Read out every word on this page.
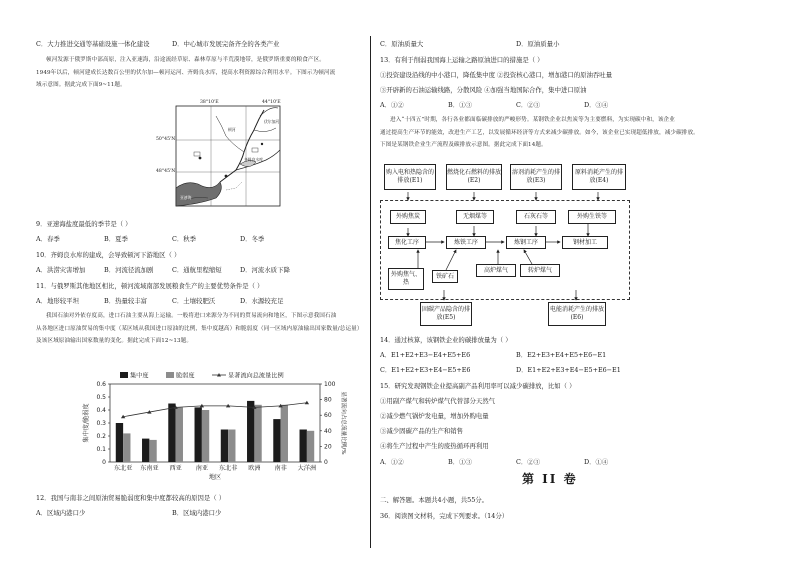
C．大力推进交通等基础设施一体化建设	D．中心城市发展完备齐全的各类产业
顿河发源于俄罗斯中部高原，注入亚速海，沿途流经草原、森林草原与半荒漠地带，是俄罗斯重要的粮食产区。
1949年以后，顿河建成长达数百公里的伏尔加—顿河运河、齐姆良水库，提高水利资源综合利用水平。下图示为顿河流
域示意图。据此完成下面9~11题。
38°10'E	44°10'E
50°45'N
48°45'N
齐姆良水库
亚速海
顿河
伏尔加河
9．亚速海盐度最低的季节是（ ）
A．春季	B．夏季	C．秋季	D．冬季
10．齐姆良水库的建成，会导致顿河下游地区（ ）
A．洪涝灾害增加	B．河流径流加剧	C．通航里程缩短	D．河流水质下降
11．与俄罗斯其他地区相比，顿河流域南部发展粮食生产的主要优势条件是（ ）
A．地形较平坦	B．热量较丰富	C．土壤较肥沃	D．水源较充足
我国石油对外依存度高，进口石油主要从海上运输。一般将进口来源分为不同的贸易流向和地区，下图示意我国石油
从各地区进口原油贸易的集中度（某区域从我国进口原油的比例，集中度越高）和脆弱度（同一区域内原油输出国家数量/总运量）
及该区域原油输出国家数量的变化。据此完成下面12~13题。
0
0.1
0.2
0.3
0.4
0.5
0.6
0
20
40
60
80
100
东北亚 东南亚 西亚 南亚 东北非 欧洲 南非 大洋洲
地区
集中度/脆弱度	显著流向占总流量比例/%
集中度	脆弱度	显著流向总流量比例
12．我国与南非之间原油贸易脆弱度和集中度都较高的原因是（ ）
A．区域内港口少	B．区域内港口少
C．原油质量大	D．原油质量小
13．有利于削弱我国海上运输之路原油进口的措施是（ ）
①投资建设沿线的中小港口，降低集中度 ②投资核心港口，增加港口的原油吞吐量
③开辟新的石油运输线路，分散风险 ④加强当地国际合作，集中进口原油
A．①②	B．①③	C．②③	D．③④
进入“十四五”时期，各行各业都面临碳排放的严峻形势。某钢铁企业以焦炭等为主要燃料，为实现碳中和，该企业
通过提高生产环节的能效，改进生产工艺，以发展循环经济等方式来减少碳排放。如今，该企业已实现超低排放，减少碳排放。
下图是某钢铁企业生产流程及碳排放示意图。据此完成下面14题。
购入电和热隐含的排放(E1)
燃烧化石燃料的排放(E2)
溶剂消耗产生的排放(E3)
原料消耗产生的排放(E4)
外购焦炭	无烟煤等	石灰石等	外购生铁等
焦化工序	炼铁工序	炼钢工序	钢材加工
外购焦气、热
铁矿石
高炉煤气	转炉煤气
固碳产品隐含的排放(E5)
电能消耗产生的排放(E6)
14．通过核算，该钢铁企业的碳排放量为（ ）
A．E1+E2+E3−E4+E5+E6	B．E2+E3+E4+E5+E6−E1
C．E1+E2+E3+E4−E5+E6	D．E1+E2+E3+E4−E5+E6−E1
15．研究发现钢铁企业提高副产品利用率可以减少碳排放，比如（ ）
①用副产煤气和转炉煤气代替部分天然气
②减少燃气锅炉发电量，增加外购电量
③减少固碳产品的生产和销售
④将生产过程中产生的废热循环再利用
A．①②	B．①③	C．②③	D．①④
第 II 卷
二、解答题。本题共4小题，共55分。
36．阅读图文材料，完成下列要求。（14分）
